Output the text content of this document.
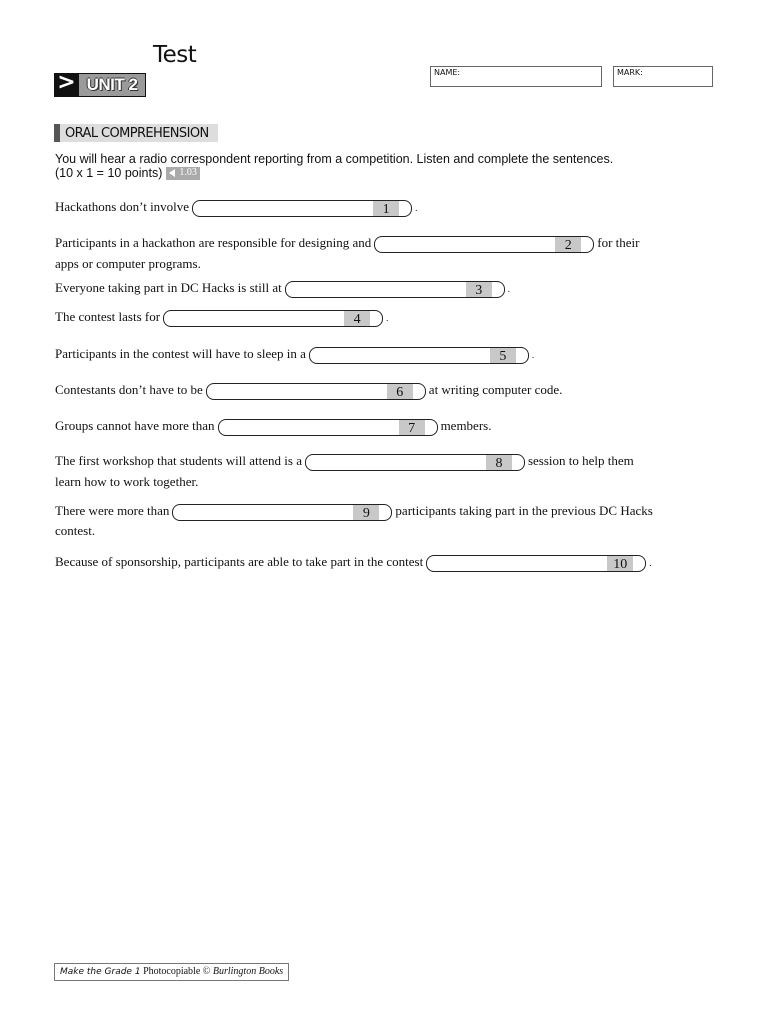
Test
> UNIT 2
NAME:	MARK:
ORAL COMPREHENSION
You will hear a radio correspondent reporting from a competition. Listen and complete the sentences.
(10 x 1 = 10 points) 1.03
Hackathons don’t involve	1	.
Participants in a hackathon are responsible for designing and	2	for their
apps or computer programs.
Everyone taking part in DC Hacks is still at	3	.
The contest lasts for	4	.
Participants in the contest will have to sleep in a	5	.
Contestants don’t have to be	6	at writing computer code.
Groups cannot have more than	7	members.
The first workshop that students will attend is a	8	session to help them
learn how to work together.
There were more than	9	participants taking part in the previous DC Hacks
contest.
Because of sponsorship, participants are able to take part in the contest	10	.
Make the Grade 1 Photocopiable © Burlington Books
